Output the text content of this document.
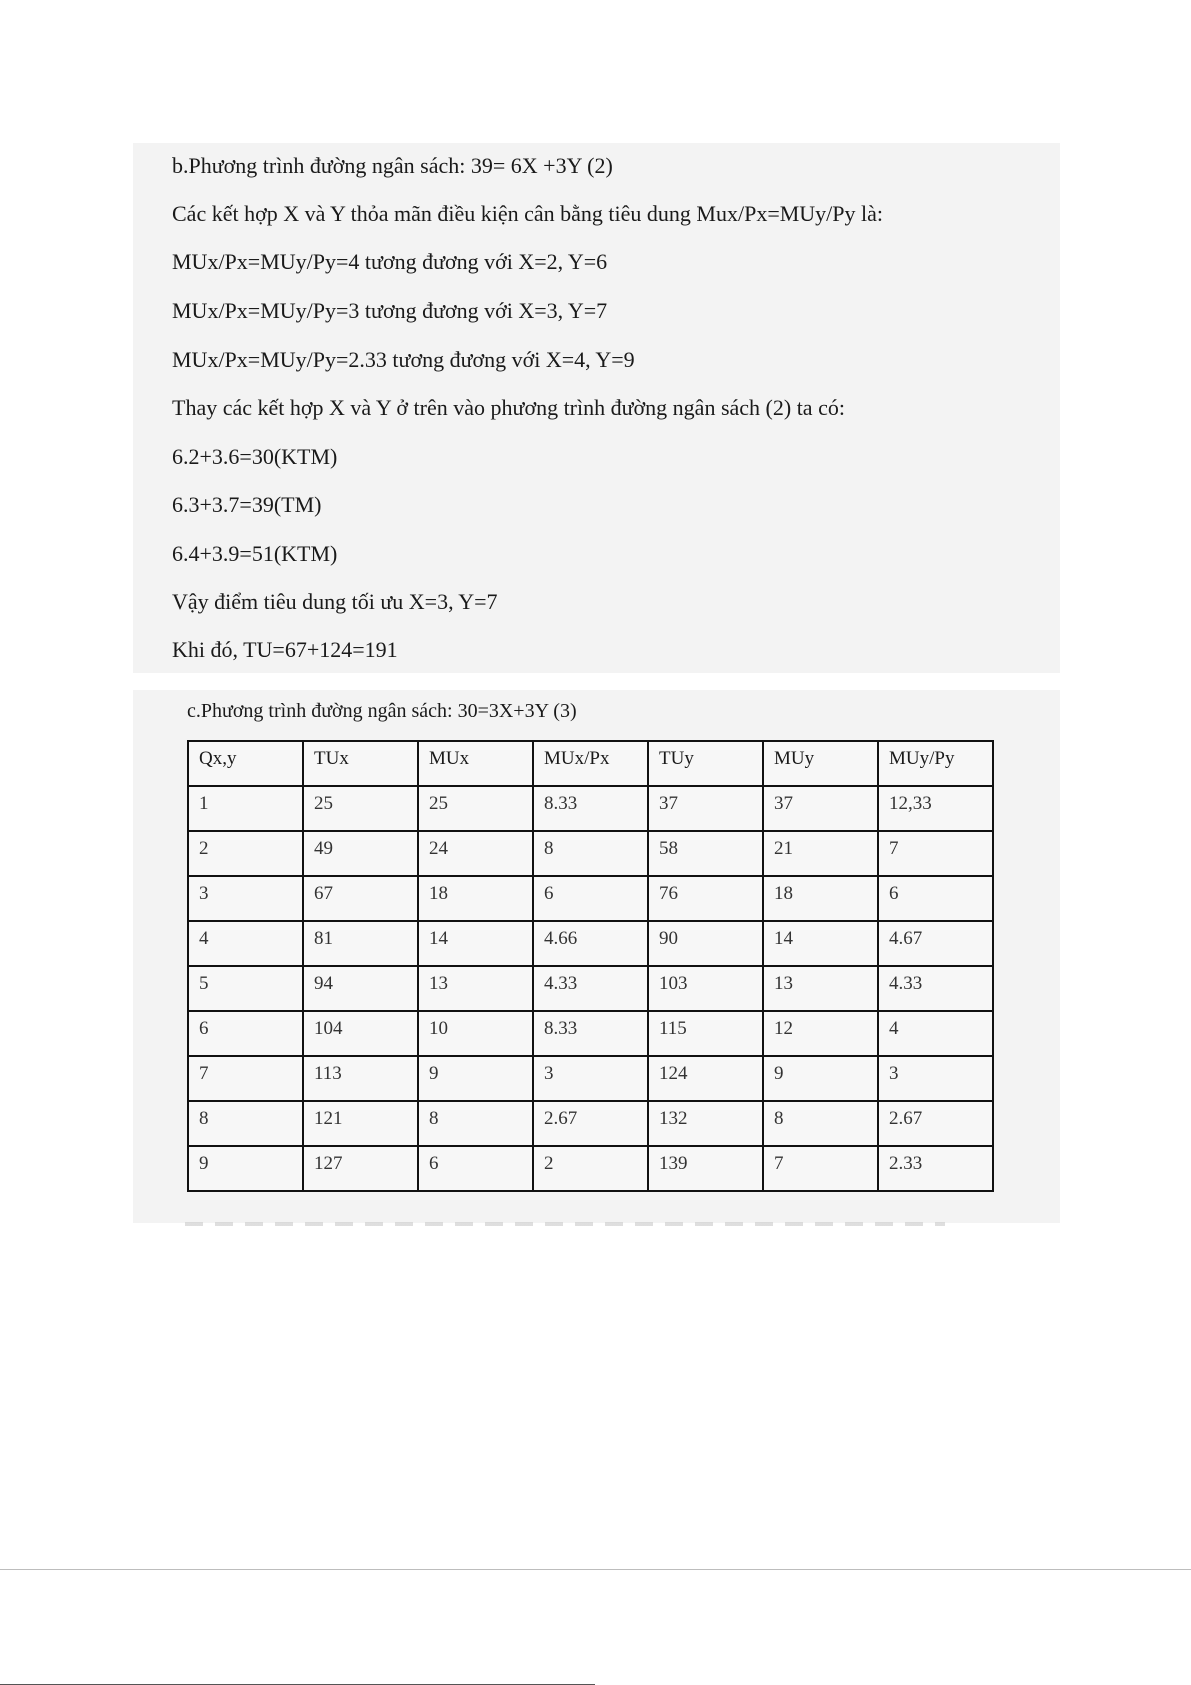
b.Phương trình đường ngân sách: 39= 6X +3Y (2)
Các kết hợp X và Y thỏa mãn điều kiện cân bằng tiêu dung Mux/Px=MUy/Py là:
MUx/Px=MUy/Py=4 tương đương với X=2, Y=6
MUx/Px=MUy/Py=3 tương đương với X=3, Y=7
MUx/Px=MUy/Py=2.33 tương đương với X=4, Y=9
Thay các kết hợp X và Y ở trên vào phương trình đường ngân sách (2) ta có:
6.2+3.6=30(KTM)
6.3+3.7=39(TM)
6.4+3.9=51(KTM)
Vậy điểm tiêu dung tối ưu X=3, Y=7
Khi đó, TU=67+124=191
c.Phương trình đường ngân sách: 30=3X+3Y (3)
Qx,y	TUx	MUx	MUx/Px	TUy	MUy	MUy/Py
1	25	25	8.33	37	37	12,33
2	49	24	8	58	21	7
3	67	18	6	76	18	6
4	81	14	4.66	90	14	4.67
5	94	13	4.33	103	13	4.33
6	104	10	8.33	115	12	4
7	113	9	3	124	9	3
8	121	8	2.67	132	8	2.67
9	127	6	2	139	7	2.33
